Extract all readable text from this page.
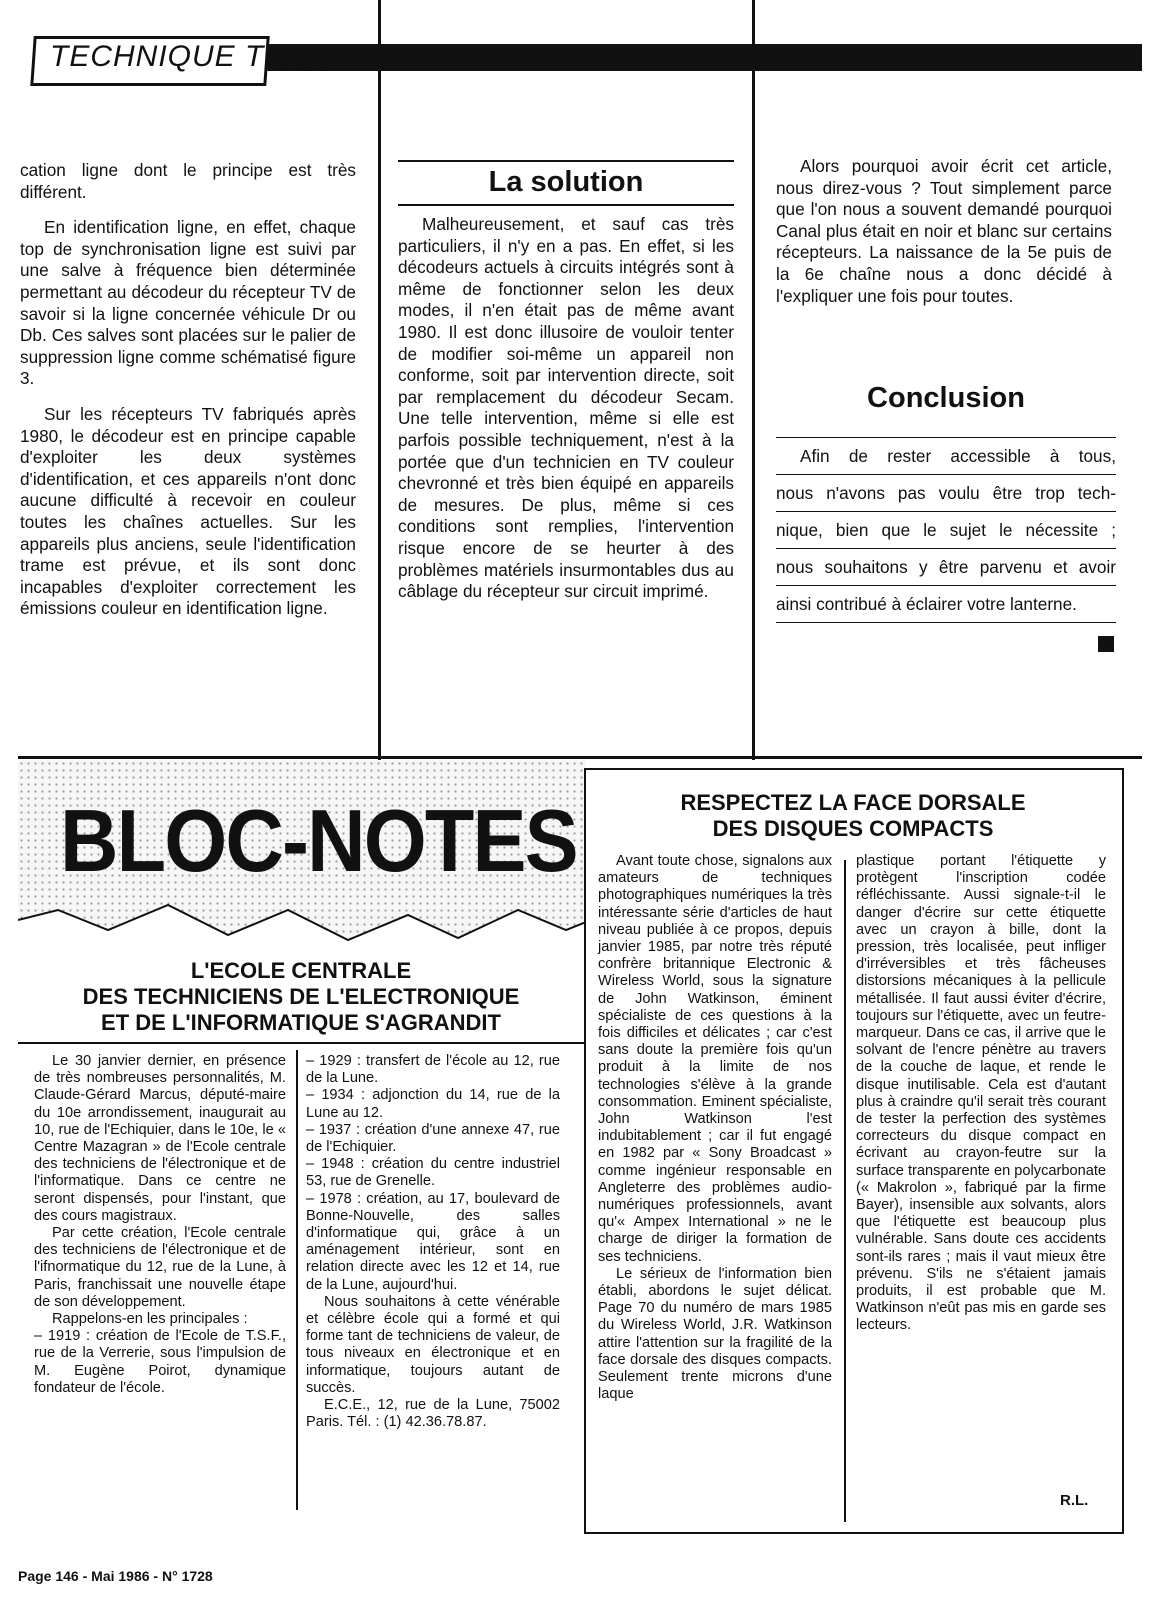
TECHNIQUE TELE

cation ligne dont le principe est très différent.

En identification ligne, en effet, chaque top de synchronisation ligne est suivi par une salve à fréquence bien déterminée permettant au décodeur du récepteur TV de savoir si la ligne concernée véhicule Dr ou Db. Ces salves sont placées sur le palier de suppression ligne comme schématisé figure 3.

Sur les récepteurs TV fabriqués après 1980, le décodeur est en principe capable d'exploiter les deux systèmes d'identification, et ces appareils n'ont donc aucune difficulté à recevoir en couleur toutes les chaînes actuelles. Sur les appareils plus anciens, seule l'identification trame est prévue, et ils sont donc incapables d'exploiter correctement les émissions couleur en identification ligne.

La solution

Malheureusement, et sauf cas très particuliers, il n'y en a pas. En effet, si les décodeurs actuels à circuits intégrés sont à même de fonctionner selon les deux modes, il n'en était pas de même avant 1980. Il est donc illusoire de vouloir tenter de modifier soi-même un appareil non conforme, soit par intervention directe, soit par remplacement du décodeur Secam. Une telle intervention, même si elle est parfois possible techniquement, n'est à la portée que d'un technicien en TV couleur chevronné et très bien équipé en appareils de mesures. De plus, même si ces conditions sont remplies, l'intervention risque encore de se heurter à des problèmes matériels insurmontables dus au câblage du récepteur sur circuit imprimé.

Alors pourquoi avoir écrit cet article, nous direz-vous ? Tout simplement parce que l'on nous a souvent demandé pourquoi Canal plus était en noir et blanc sur certains récepteurs. La naissance de la 5e puis de la 6e chaîne nous a donc décidé à l'expliquer une fois pour toutes.

Conclusion
Afin de rester accessible à tous,
nous n'avons pas voulu être trop tech-
nique, bien que le sujet le nécessite ;
nous souhaitons y être parvenu et avoir
ainsi contribué à éclairer votre lanterne.
BLOC-NOTES	RESPECTEZ LA FACE DORSALE
DES DISQUES COMPACTS

Avant toute chose, signalons aux amateurs de techniques photographiques numériques la très intéressante série d'articles de haut niveau publiée à ce propos, depuis janvier 1985, par notre très réputé confrère britannique Electronic & Wireless World, sous la signature de John Watkinson, éminent spécialiste de ces questions à la fois difficiles et délicates ; car c'est sans doute la première fois qu'un produit à la limite de nos technologies s'élève à la grande consommation. Eminent spécialiste, John Watkinson l'est indubitablement ; car il fut engagé en 1982 par « Sony Broadcast » comme ingénieur responsable en Angleterre des problèmes audio-numériques professionnels, avant qu'« Ampex International » ne le charge de diriger la formation de ses techniciens.

Le sérieux de l'information bien établi, abordons le sujet délicat. Page 70 du numéro de mars 1985 du Wireless World, J.R. Watkinson attire l'attention sur la fragilité de la face dorsale des disques compacts. Seulement trente microns d'une laque

plastique portant l'étiquette y protègent l'inscription codée réfléchissante. Aussi signale-t-il le danger d'écrire sur cette étiquette avec un crayon à bille, dont la pression, très localisée, peut infliger d'irréversibles et très fâcheuses distorsions mécaniques à la pellicule métallisée. Il faut aussi éviter d'écrire, toujours sur l'étiquette, avec un feutre-marqueur. Dans ce cas, il arrive que le solvant de l'encre pénètre au travers de la couche de laque, et rende le disque inutilisable. Cela est d'autant plus à craindre qu'il serait très courant de tester la perfection des systèmes correcteurs du disque compact en écrivant au crayon-feutre sur la surface transparente en polycarbonate (« Makrolon », fabriqué par la firme Bayer), insensible aux solvants, alors que l'étiquette est beaucoup plus vulnérable. Sans doute ces accidents sont-ils rares ; mais il vaut mieux être prévenu. S'ils ne s'étaient jamais produits, il est probable que M. Watkinson n'eût pas mis en garde ses lecteurs.

R.L.
L'ECOLE CENTRALE
DES TECHNICIENS DE L'ELECTRONIQUE
ET DE L'INFORMATIQUE S'AGRANDIT

Le 30 janvier dernier, en présence de très nombreuses personnalités, M. Claude-Gérard Marcus, député-maire du 10e arrondissement, inaugurait au 10, rue de l'Echiquier, dans le 10e, le « Centre Mazagran » de l'Ecole centrale des techniciens de l'électronique et de l'informatique. Dans ce centre ne seront dispensés, pour l'instant, que des cours magistraux.

Par cette création, l'Ecole centrale des techniciens de l'électronique et de l'ifnormatique du 12, rue de la Lune, à Paris, franchissait une nouvelle étape de son développement.

Rappelons-en les principales :

– 1919 : création de l'Ecole de T.S.F., rue de la Verrerie, sous l'impulsion de M. Eugène Poirot, dynamique fondateur de l'école.

– 1929 : transfert de l'école au 12, rue de la Lune.

– 1934 : adjonction du 14, rue de la Lune au 12.

– 1937 : création d'une annexe 47, rue de l'Echiquier.

– 1948 : création du centre industriel 53, rue de Grenelle.

– 1978 : création, au 17, boulevard de Bonne-Nouvelle, des salles d'informatique qui, grâce à un aménagement intérieur, sont en relation directe avec les 12 et 14, rue de la Lune, aujourd'hui.

Nous souhaitons à cette vénérable et célèbre école qui a formé et qui forme tant de techniciens de valeur, de tous niveaux en électronique et en informatique, toujours autant de succès.

E.C.E., 12, rue de la Lune, 75002 Paris. Tél. : (1) 42.36.78.87.

Page 146 - Mai 1986 - N° 1728
